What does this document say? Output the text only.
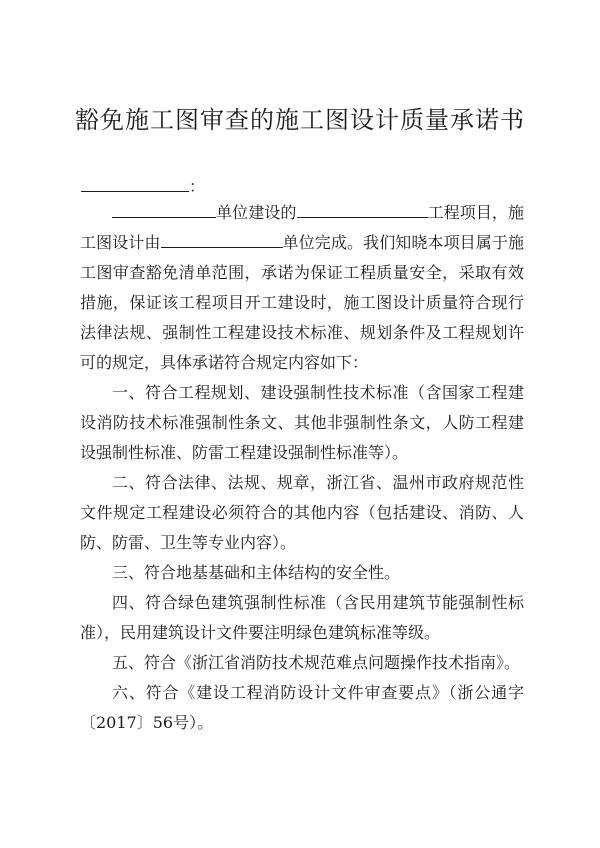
豁免施工图审查的施工图设计质量承诺书
：

单位建设的	工程项目，施工图设计由	单位完成。我们知晓本项目属于施工图审查豁免清单范围，承诺为保证工程质量安全，采取有效措施，保证该工程项目开工建设时，施工图设计质量符合现行法律法规、强制性工程建设技术标准、规划条件及工程规划许可的规定，具体承诺符合规定内容如下：

一、符合工程规划、建设强制性技术标准（含国家工程建设消防技术标准强制性条文、其他非强制性条文，人防工程建设强制性标准、防雷工程建设强制性标准等）。

二、符合法律、法规、规章，浙江省、温州市政府规范性文件规定工程建设必须符合的其他内容（包括建设、消防、人防、防雷、卫生等专业内容）。

三、符合地基基础和主体结构的安全性。

四、符合绿色建筑强制性标准（含民用建筑节能强制性标准），民用建筑设计文件要注明绿色建筑标准等级。

五、符合《浙江省消防技术规范难点问题操作技术指南》。

六、符合《建设工程消防设计文件审查要点》（浙公通字〔2017〕56号）。
